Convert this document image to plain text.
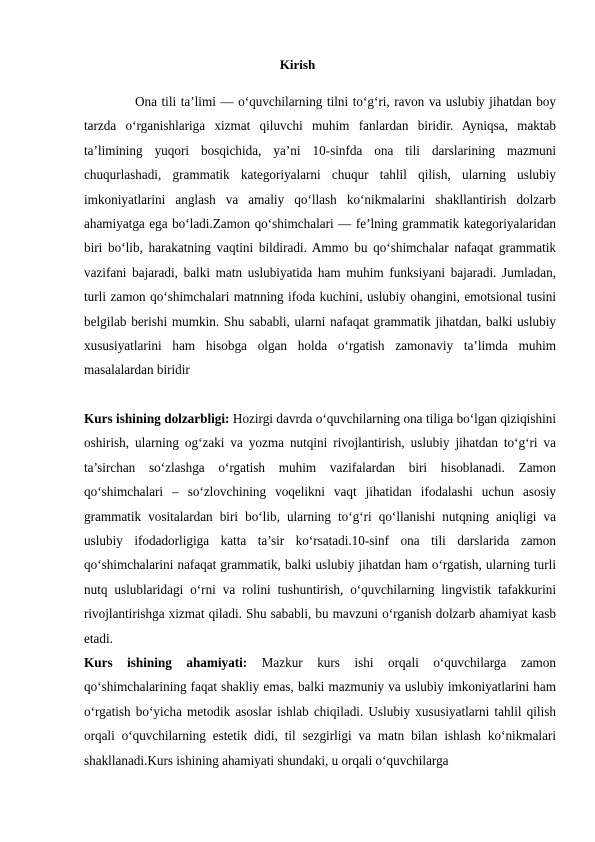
Kirish

Ona tili ta’limi — o‘quvchilarning tilni to‘g‘ri, ravon va uslubiy jihatdan boy tarzda o‘rganishlariga xizmat qiluvchi muhim fanlardan biridir. Ayniqsa, maktab ta’limining yuqori bosqichida, ya’ni 10-sinfda ona tili darslarining mazmuni chuqurlashadi, grammatik kategoriyalarni chuqur tahlil qilish, ularning uslubiy imkoniyatlarini anglash va amaliy qo‘llash ko‘nikmalarini shakllantirish dolzarb ahamiyatga ega bo‘ladi.Zamon qo‘shimchalari — fe’lning grammatik kategoriyalaridan biri bo‘lib, harakatning vaqtini bildiradi. Ammo bu qo‘shimchalar nafaqat grammatik vazifani bajaradi, balki matn uslubiyatida ham muhim funksiyani bajaradi. Jumladan, turli zamon qo‘shimchalari matnning ifoda kuchini, uslubiy ohangini, emotsional tusini belgilab berishi mumkin. Shu sababli, ularni nafaqat grammatik jihatdan, balki uslubiy xususiyatlarini ham hisobga olgan holda o‘rgatish zamonaviy ta’limda muhim masalalardan biridir

Kurs ishining dolzarbligi: Hozirgi davrda o‘quvchilarning ona tiliga bo‘lgan qiziqishini oshirish, ularning og‘zaki va yozma nutqini rivojlantirish, uslubiy jihatdan to‘g‘ri va ta’sirchan so‘zlashga o‘rgatish muhim vazifalardan biri hisoblanadi. Zamon qo‘shimchalari – so‘zlovchining voqelikni vaqt jihatidan ifodalashi uchun asosiy grammatik vositalardan biri bo‘lib, ularning to‘g‘ri qo‘llanishi nutqning aniqligi va uslubiy ifodadorligiga katta ta’sir ko‘rsatadi.10-sinf ona tili darslarida zamon qo‘shimchalarini nafaqat grammatik, balki uslubiy jihatdan ham o‘rgatish, ularning turli nutq uslublaridagi o‘rni va rolini tushuntirish, o‘quvchilarning lingvistik tafakkurini rivojlantirishga xizmat qiladi. Shu sababli, bu mavzuni o‘rganish dolzarb ahamiyat kasb etadi.

Kurs ishining ahamiyati: Mazkur kurs ishi orqali o‘quvchilarga zamon qo‘shimchalarining faqat shakliy emas, balki mazmuniy va uslubiy imkoniyatlarini ham o‘rgatish bo‘yicha metodik asoslar ishlab chiqiladi. Uslubiy xususiyatlarni tahlil qilish orqali o‘quvchilarning estetik didi, til sezgirligi va matn bilan ishlash ko‘nikmalari shakllanadi.Kurs ishining ahamiyati shundaki, u orqali o‘quvchilarga
